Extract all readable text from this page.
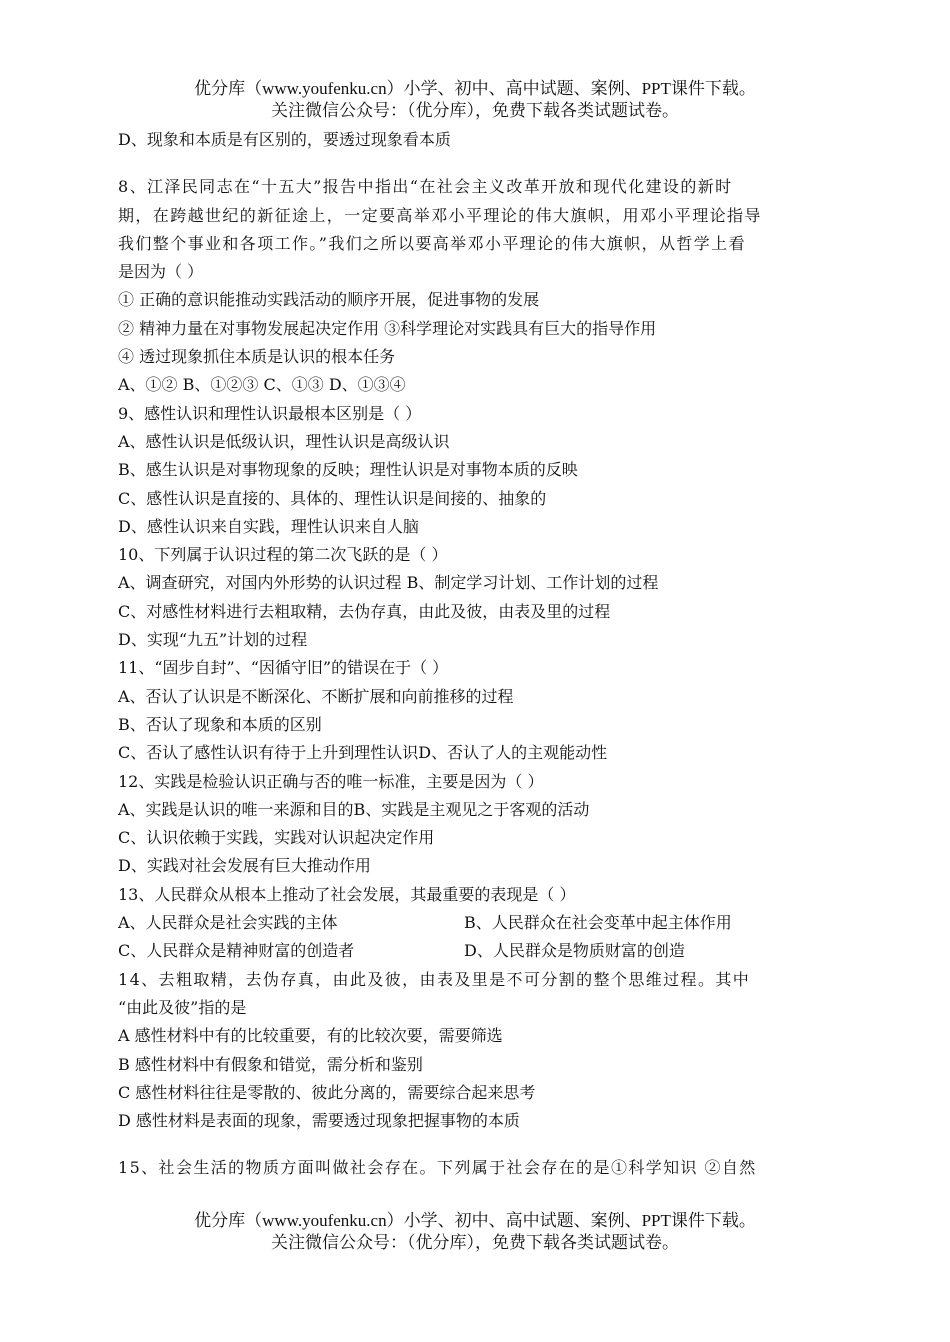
优分库（www.youfenku.cn）小学、初中、高中试题、案例、PPT课件下载。
关注微信公众号：（优分库），免费下载各类试题试卷。
D、现象和本质是有区别的，要透过现象看本质
8、江泽民同志在“十五大”报告中指出“在社会主义改革开放和现代化建设的新时
期，在跨越世纪的新征途上，一定要高举邓小平理论的伟大旗帜，用邓小平理论指导
我们整个事业和各项工作。”我们之所以要高举邓小平理论的伟大旗帜，从哲学上看
是因为（ ）
① 正确的意识能推动实践活动的顺序开展，促进事物的发展
② 精神力量在对事物发展起决定作用 ③科学理论对实践具有巨大的指导作用
④ 透过现象抓住本质是认识的根本任务
A、①② B、①②③ C、①③ D、①③④
9、感性认识和理性认识最根本区别是（ ）
A、感性认识是低级认识，理性认识是高级认识
B、感生认识是对事物现象的反映；理性认识是对事物本质的反映
C、感性认识是直接的、具体的、理性认识是间接的、抽象的
D、感性认识来自实践，理性认识来自人脑
10、下列属于认识过程的第二次飞跃的是（ ）
A、调查研究，对国内外形势的认识过程 B、制定学习计划、工作计划的过程
C、对感性材料进行去粗取精，去伪存真，由此及彼，由表及里的过程
D、实现“九五”计划的过程
11、“固步自封”、“因循守旧”的错误在于（ ）
A、否认了认识是不断深化、不断扩展和向前推移的过程
B、否认了现象和本质的区别
C、否认了感性认识有待于上升到理性认识D、否认了人的主观能动性
12、实践是检验认识正确与否的唯一标准，主要是因为（ ）
A、实践是认识的唯一来源和目的B、实践是主观见之于客观的活动
C、认识依赖于实践，实践对认识起决定作用
D、实践对社会发展有巨大推动作用
13、人民群众从根本上推动了社会发展，其最重要的表现是（ ）
A、人民群众是社会实践的主体	B、人民群众在社会变革中起主体作用
C、人民群众是精神财富的创造者	D、人民群众是物质财富的创造
14、去粗取精，去伪存真，由此及彼，由表及里是不可分割的整个思维过程。其中
“由此及彼”指的是
A 感性材料中有的比较重要，有的比较次要，需要筛选
B 感性材料中有假象和错觉，需分析和鉴别
C 感性材料往往是零散的、彼此分离的，需要综合起来思考
D 感性材料是表面的现象，需要透过现象把握事物的本质
15、社会生活的物质方面叫做社会存在。下列属于社会存在的是①科学知识 ②自然
优分库（www.youfenku.cn）小学、初中、高中试题、案例、PPT课件下载。
关注微信公众号：（优分库），免费下载各类试题试卷。
